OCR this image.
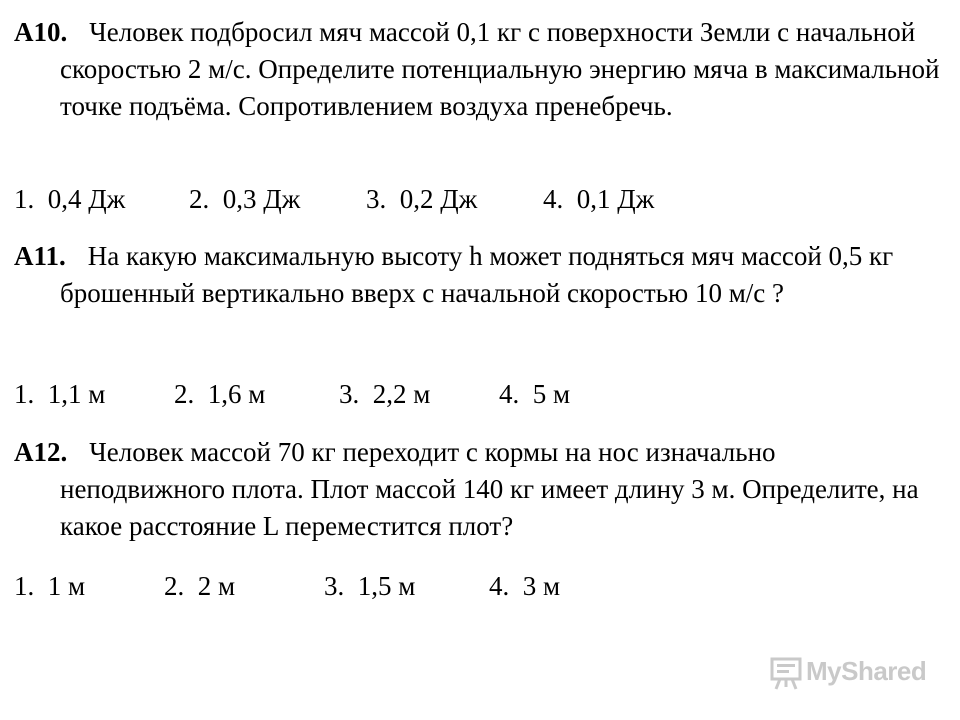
А10. Человек подбросил мяч массой 0,1 кг с поверхности Земли с начальной скоростью 2 м/с. Определите потенциальную энергию мяча в максимальной точке подъёма. Сопротивлением воздуха пренебречь.

1.  0,4 Дж 2.  0,3 Дж 3.  0,2 Дж 4.  0,1 Дж

А11. На какую максимальную высоту h может подняться мяч массой 0,5 кг брошенный вертикально вверх с начальной скоростью 10 м/с ?

1.  1,1 м	2.  1,6 м	3.  2,2 м	4.  5 м

А12. Человек массой 70 кг переходит с кормы на нос изначально неподвижного плота. Плот массой 140 кг имеет длину 3 м. Определите, на какое расстояние L переместится плот?

1.  1 м	2.  2 м	3.  1,5 м	4.  3 м

MyShared
